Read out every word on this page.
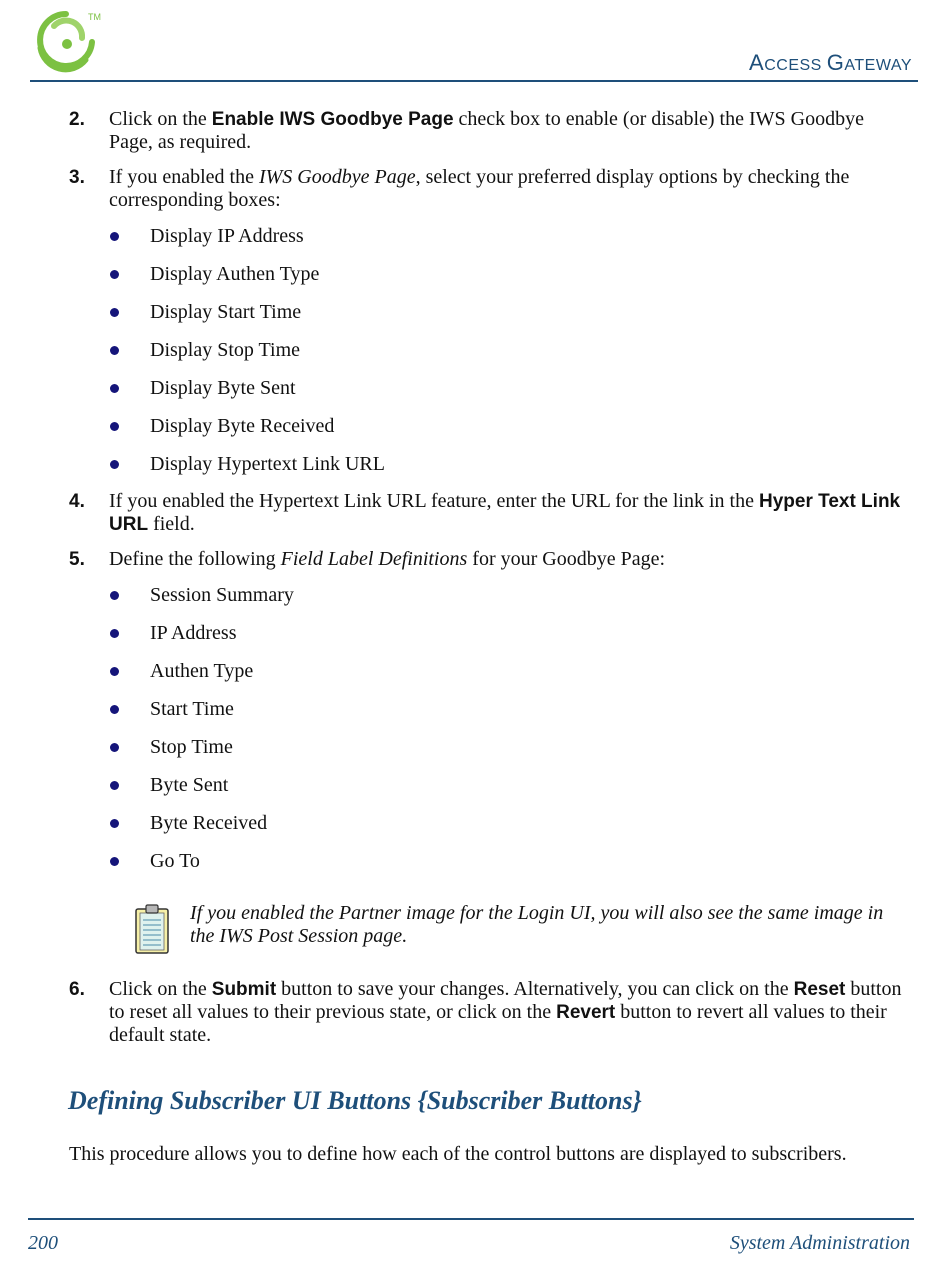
TM
ACCESS GATEWAY
2. Click on the Enable IWS Goodbye Page check box to enable (or disable) the IWS Goodbye Page, as required.
3. If you enabled the IWS Goodbye Page, select your preferred display options by checking the corresponding boxes:
Display IP Address
Display Authen Type
Display Start Time
Display Stop Time
Display Byte Sent
Display Byte Received
Display Hypertext Link URL
4. If you enabled the Hypertext Link URL feature, enter the URL for the link in the Hyper Text Link URL field.
5. Define the following Field Label Definitions for your Goodbye Page:
Session Summary
IP Address
Authen Type
Start Time
Stop Time
Byte Sent
Byte Received
Go To
If you enabled the Partner image for the Login UI, you will also see the same image in the IWS Post Session page.
6. Click on the Submit button to save your changes. Alternatively, you can click on the Reset button to reset all values to their previous state, or click on the Revert button to revert all values to their default state.
Defining Subscriber UI Buttons {Subscriber Buttons}
This procedure allows you to define how each of the control buttons are displayed to subscribers.
200	System Administration
